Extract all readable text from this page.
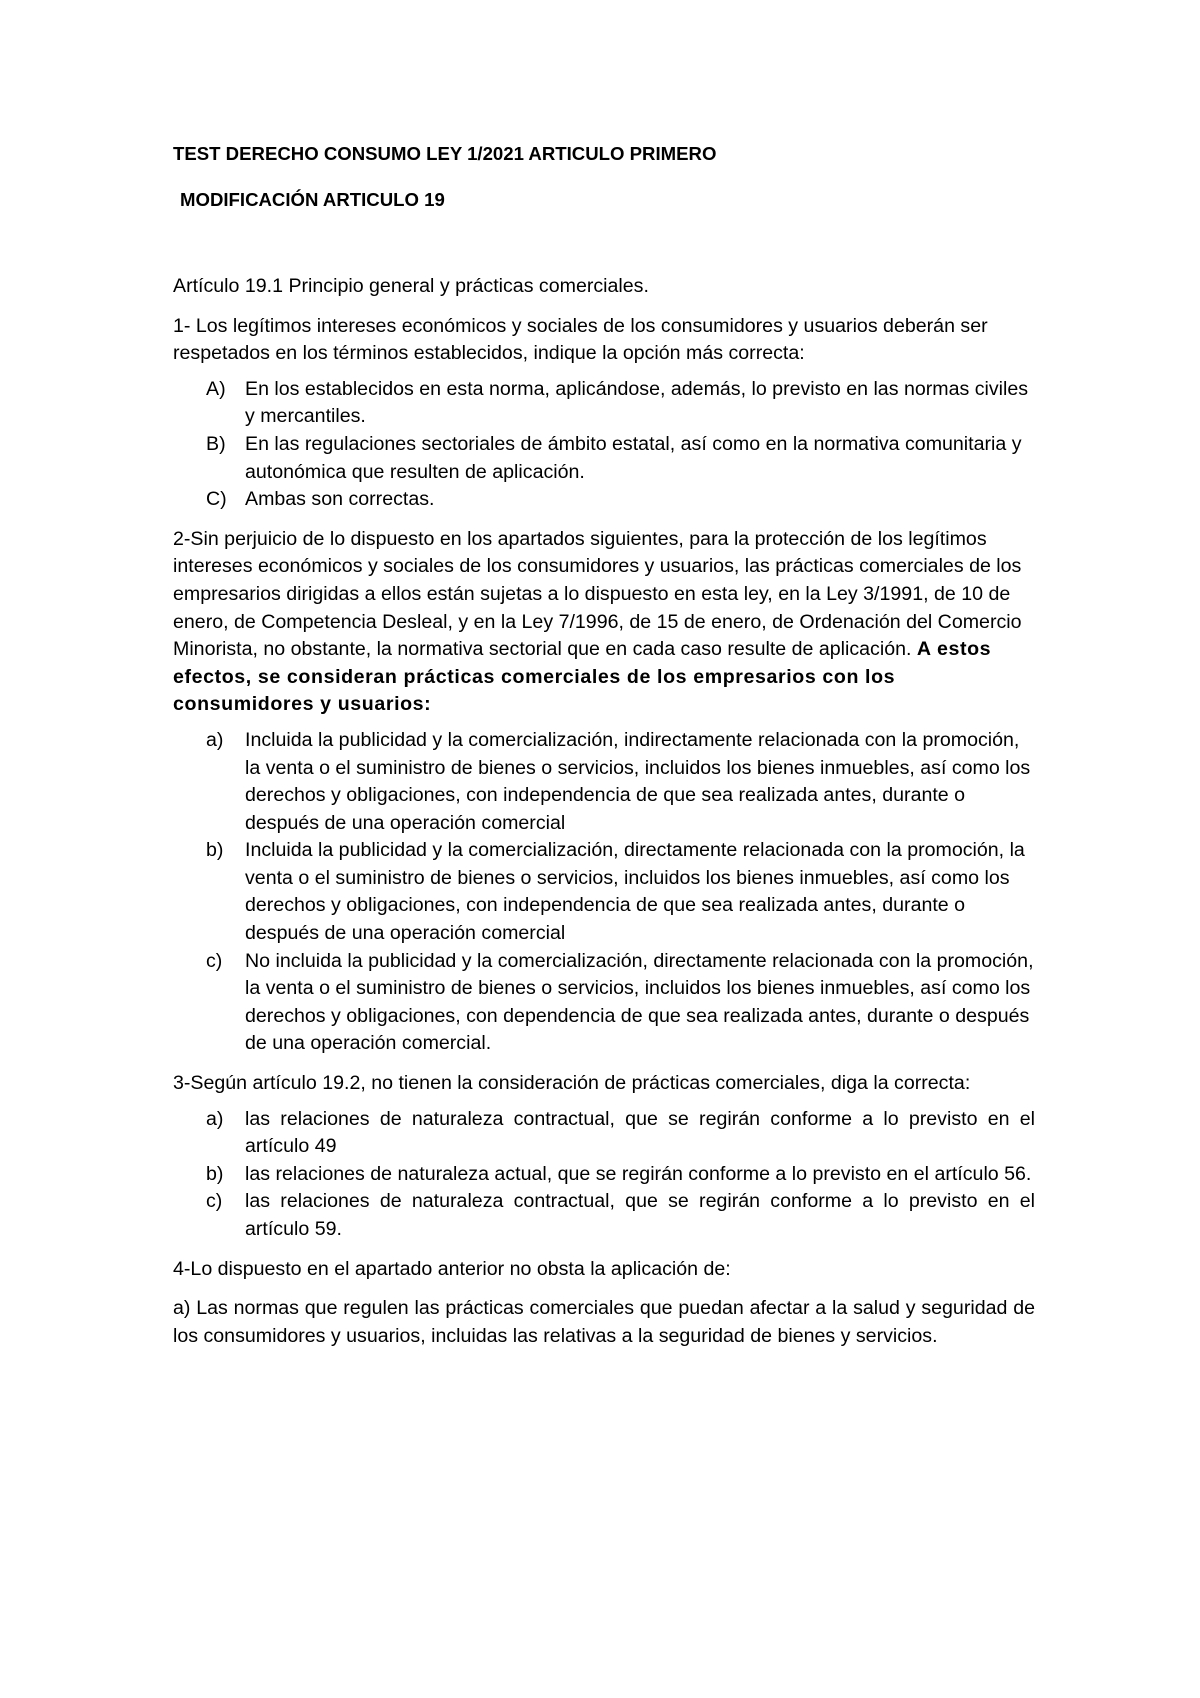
TEST DERECHO CONSUMO LEY 1/2021 ARTICULO PRIMERO

MODIFICACIÓN ARTICULO 19

Artículo 19.1 Principio general y prácticas comerciales.

1- Los legítimos intereses económicos y sociales de los consumidores y usuarios deberán ser respetados en los términos establecidos, indique la opción más correcta:

A) En los establecidos en esta norma, aplicándose, además, lo previsto en las normas civiles y mercantiles.
B) En las regulaciones sectoriales de ámbito estatal, así como en la normativa comunitaria y autonómica que resulten de aplicación.
C) Ambas son correctas.

2-Sin perjuicio de lo dispuesto en los apartados siguientes, para la protección de los legítimos intereses económicos y sociales de los consumidores y usuarios, las prácticas comerciales de los empresarios dirigidas a ellos están sujetas a lo dispuesto en esta ley, en la Ley 3/1991, de 10 de enero, de Competencia Desleal, y en la Ley 7/1996, de 15 de enero, de Ordenación del Comercio Minorista, no obstante, la normativa sectorial que en cada caso resulte de aplicación. A estos efectos, se consideran prácticas comerciales de los empresarios con los consumidores y usuarios:

a) Incluida la publicidad y la comercialización, indirectamente relacionada con la promoción, la venta o el suministro de bienes o servicios, incluidos los bienes inmuebles, así como los derechos y obligaciones, con independencia de que sea realizada antes, durante o después de una operación comercial
b) Incluida la publicidad y la comercialización, directamente relacionada con la promoción, la venta o el suministro de bienes o servicios, incluidos los bienes inmuebles, así como los derechos y obligaciones, con independencia de que sea realizada antes, durante o después de una operación comercial
c) No incluida la publicidad y la comercialización, directamente relacionada con la promoción, la venta o el suministro de bienes o servicios, incluidos los bienes inmuebles, así como los derechos y obligaciones, con dependencia de que sea realizada antes, durante o después de una operación comercial.

3-Según artículo 19.2, no tienen la consideración de prácticas comerciales, diga la correcta:

a) las relaciones de naturaleza contractual, que se regirán conforme a lo previsto en el artículo 49
b) las relaciones de naturaleza actual, que se regirán conforme a lo previsto en el artículo 56.
c) las relaciones de naturaleza contractual, que se regirán conforme a lo previsto en el artículo 59.

4-Lo dispuesto en el apartado anterior no obsta la aplicación de:

a) Las normas que regulen las prácticas comerciales que puedan afectar a la salud y seguridad de los consumidores y usuarios, incluidas las relativas a la seguridad de bienes y servicios.
